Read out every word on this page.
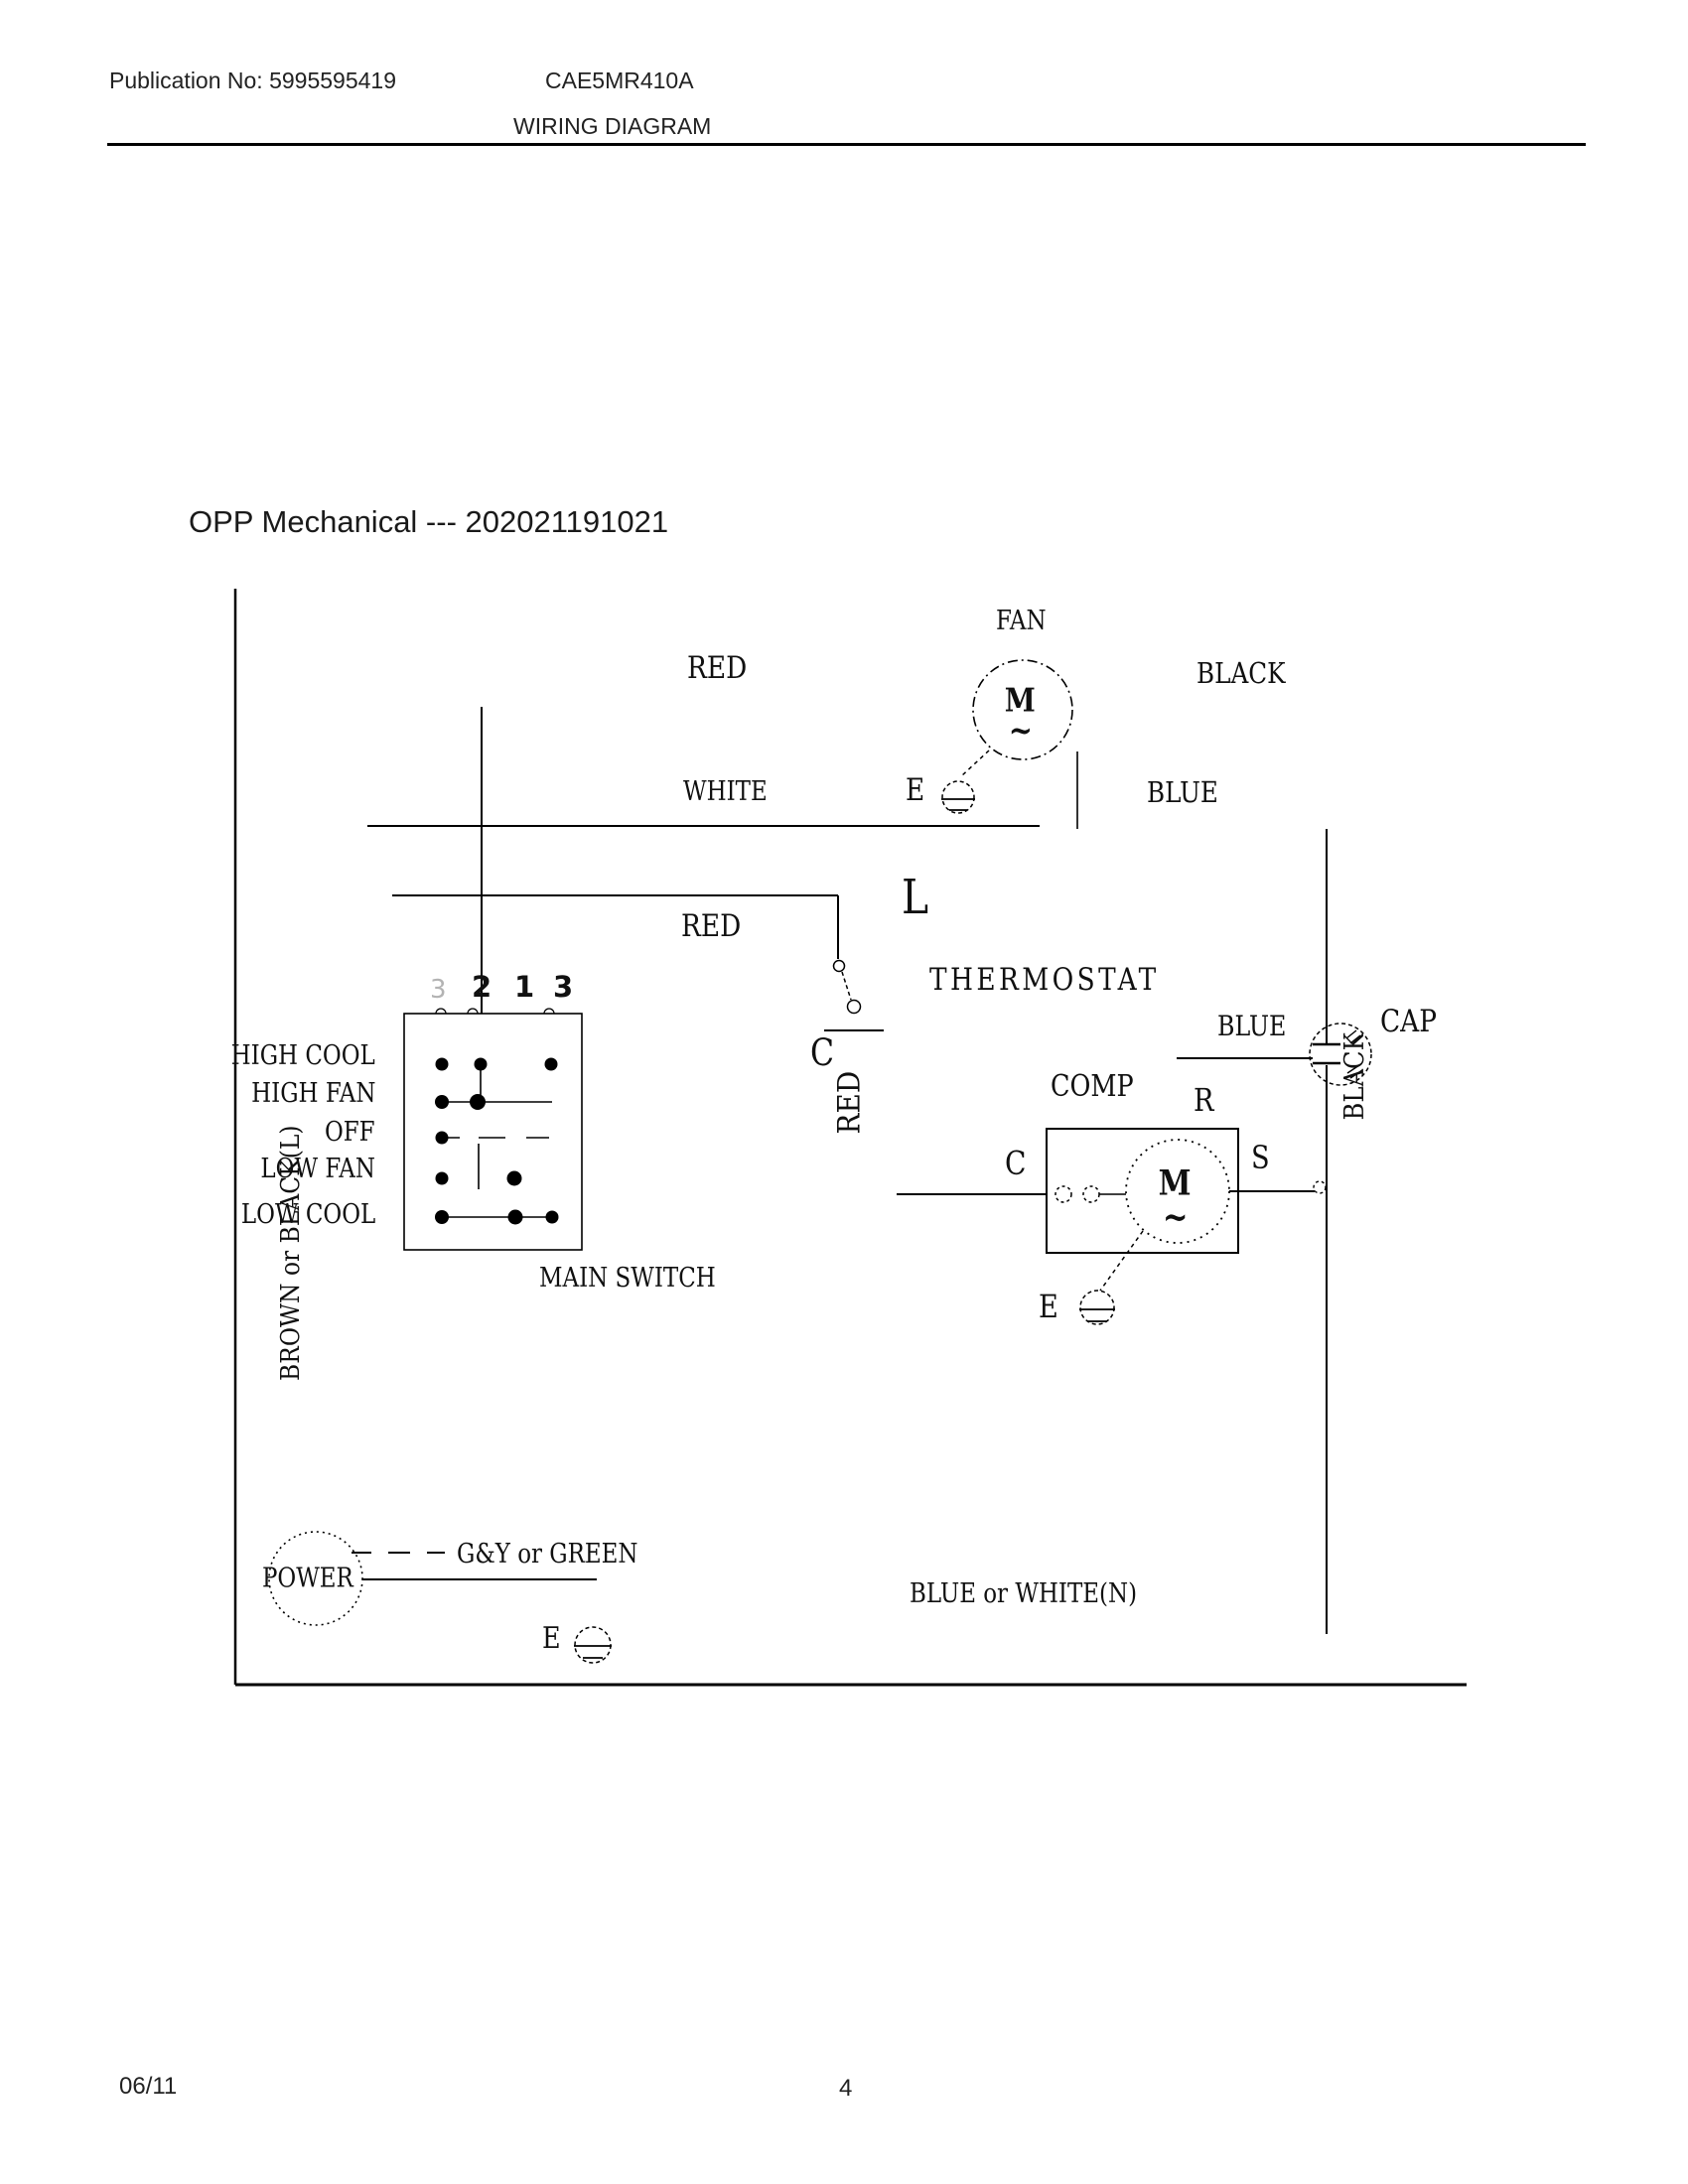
Publication No: 5995595419	CAE5MR410A
WIRING DIAGRAM
OPP Mechanical --- 202021191021
FAN
M
~
RED	BLACK
WHITE	E	BLUE
RED
L
THERMOSTAT
C
RED	COMP R
C	S
M
~
E
BLUE	CAP
BLACK
3 2 1 3
HIGH COOL
HIGH FAN
OFF
LOW FAN
LOW COOL
MAIN SWITCH
BROWN or BLACK(L)
POWER
G&Y or GREEN
E
BLUE or WHITE(N)
06/11	4
